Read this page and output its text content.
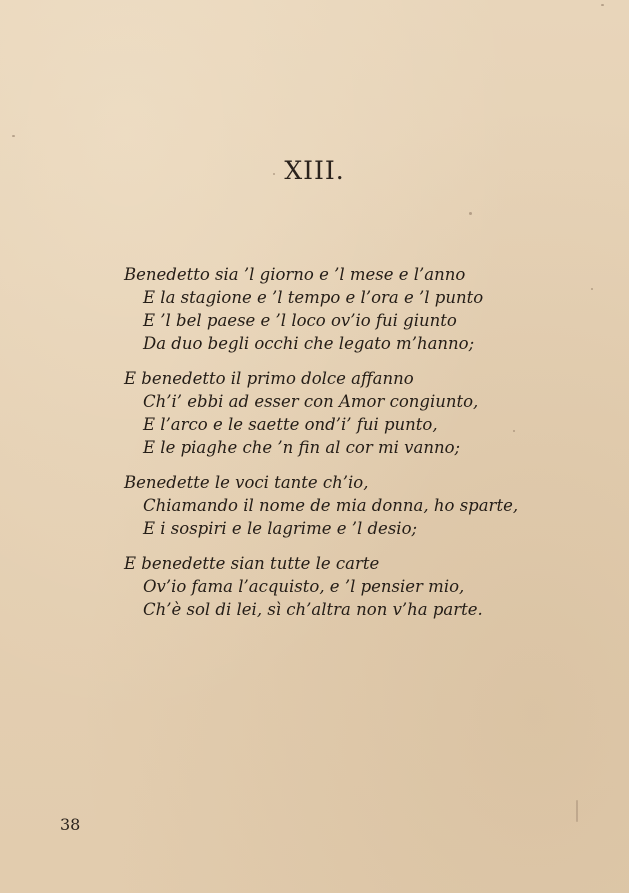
XIII.
Benedetto sia ’l giorno e ’l mese e l’anno
E la stagione e ’l tempo e l’ora e ’l punto
E ’l bel paese e ’l loco ov’io fui giunto
Da duo begli occhi che legato m’hanno;
E benedetto il primo dolce affanno
Ch’i’ ebbi ad esser con Amor congiunto,
E l’arco e le saette ond’i’ fui punto,
E le piaghe che ’n fin al cor mi vanno;
Benedette le voci tante ch’io,
Chiamando il nome de mia donna, ho sparte,
E i sospiri e le lagrime e ’l desio;
E benedette sian tutte le carte
Ov’io fama l’acquisto, e ’l pensier mio,
Ch’è sol di lei, sì ch’altra non v’ha parte.
38
